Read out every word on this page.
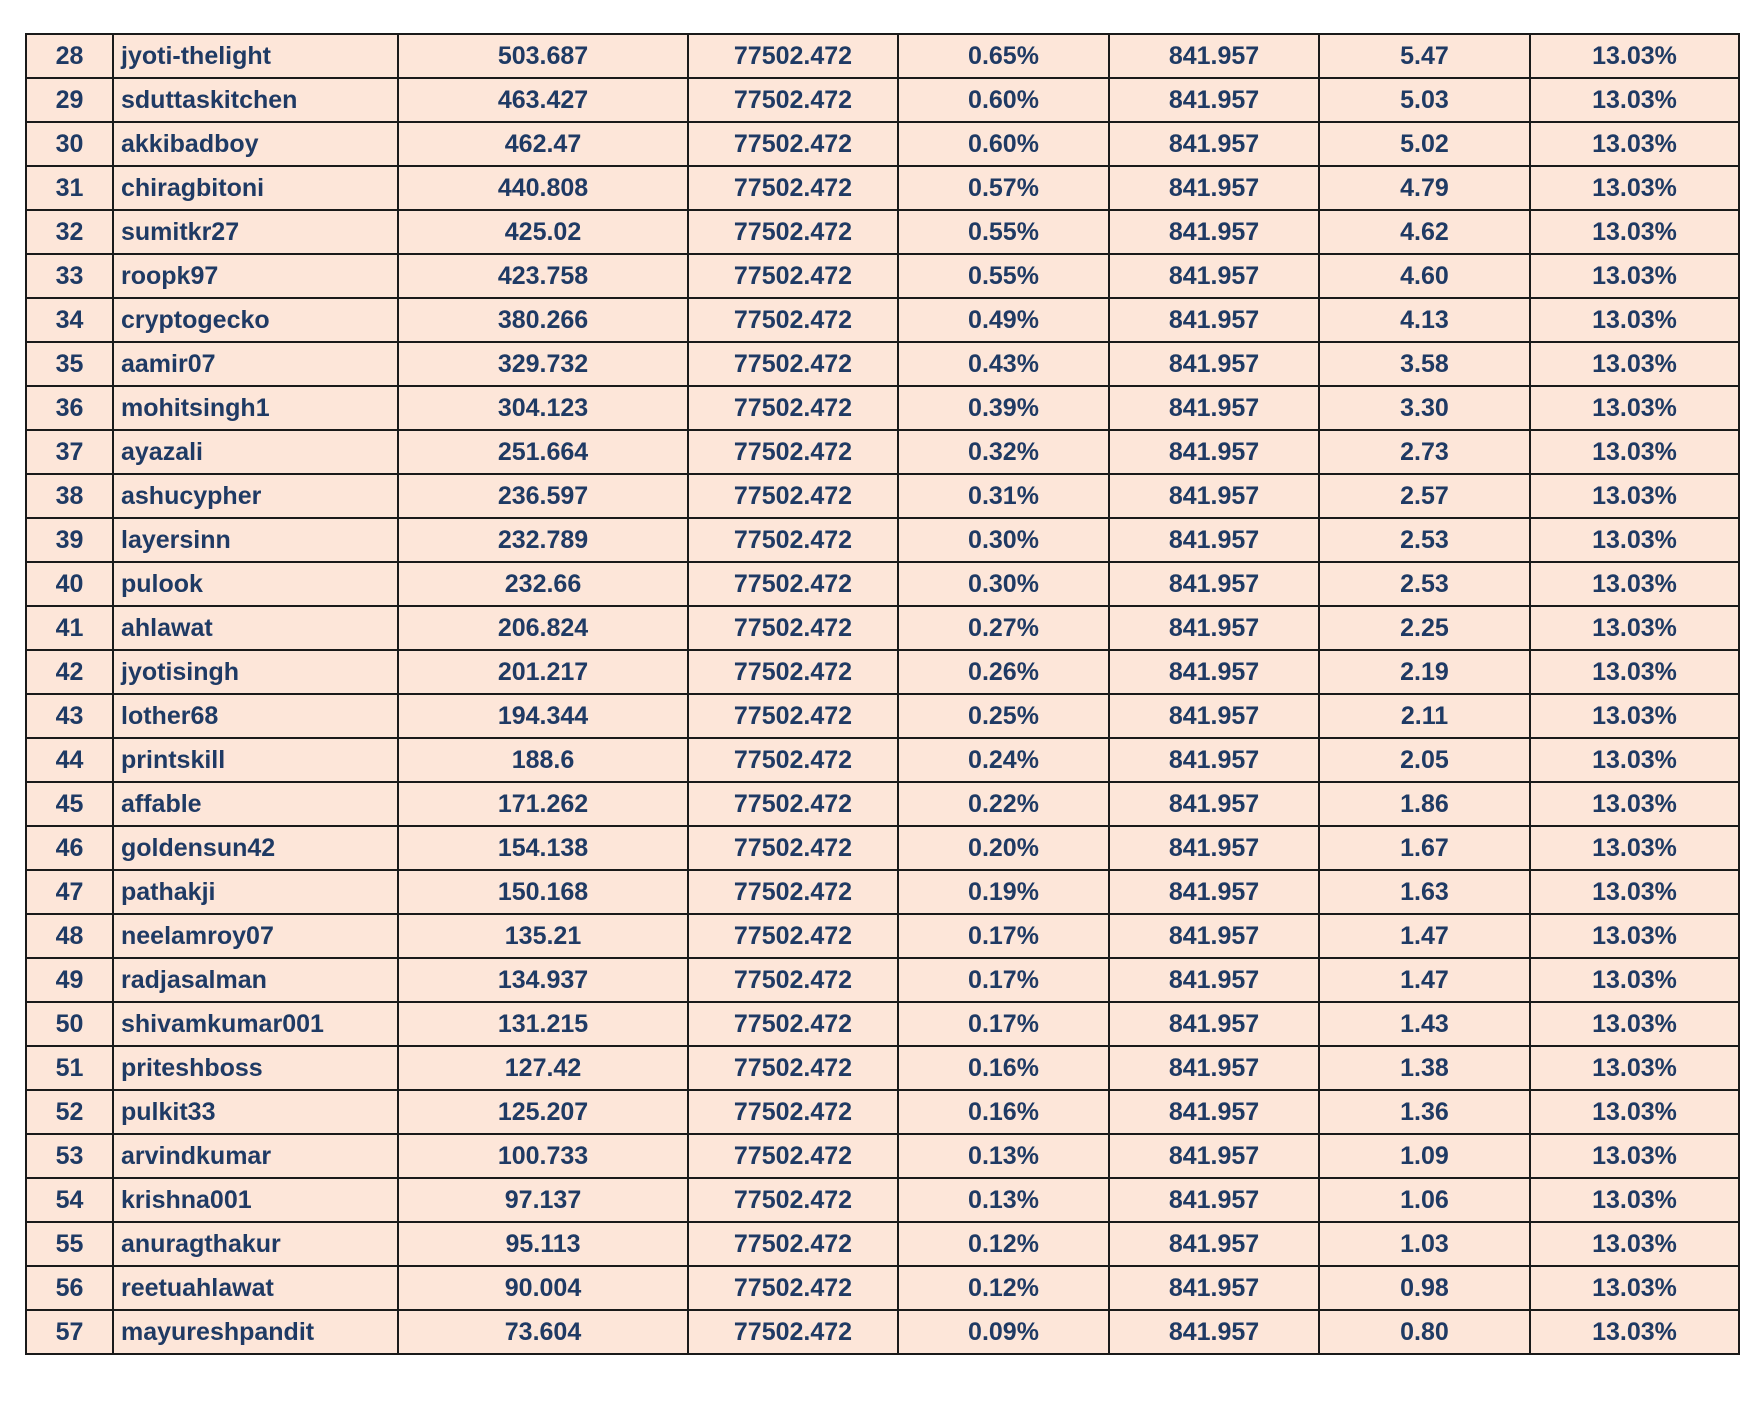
28	jyoti-thelight	503.687	77502.472	0.65%	841.957	5.47	13.03%
29	sduttaskitchen	463.427	77502.472	0.60%	841.957	5.03	13.03%
30	akkibadboy	462.47	77502.472	0.60%	841.957	5.02	13.03%
31	chiragbitoni	440.808	77502.472	0.57%	841.957	4.79	13.03%
32	sumitkr27	425.02	77502.472	0.55%	841.957	4.62	13.03%
33	roopk97	423.758	77502.472	0.55%	841.957	4.60	13.03%
34	cryptogecko	380.266	77502.472	0.49%	841.957	4.13	13.03%
35	aamir07	329.732	77502.472	0.43%	841.957	3.58	13.03%
36	mohitsingh1	304.123	77502.472	0.39%	841.957	3.30	13.03%
37	ayazali	251.664	77502.472	0.32%	841.957	2.73	13.03%
38	ashucypher	236.597	77502.472	0.31%	841.957	2.57	13.03%
39	layersinn	232.789	77502.472	0.30%	841.957	2.53	13.03%
40	pulook	232.66	77502.472	0.30%	841.957	2.53	13.03%
41	ahlawat	206.824	77502.472	0.27%	841.957	2.25	13.03%
42	jyotisingh	201.217	77502.472	0.26%	841.957	2.19	13.03%
43	lother68	194.344	77502.472	0.25%	841.957	2.11	13.03%
44	printskill	188.6	77502.472	0.24%	841.957	2.05	13.03%
45	affable	171.262	77502.472	0.22%	841.957	1.86	13.03%
46	goldensun42	154.138	77502.472	0.20%	841.957	1.67	13.03%
47	pathakji	150.168	77502.472	0.19%	841.957	1.63	13.03%
48	neelamroy07	135.21	77502.472	0.17%	841.957	1.47	13.03%
49	radjasalman	134.937	77502.472	0.17%	841.957	1.47	13.03%
50	shivamkumar001	131.215	77502.472	0.17%	841.957	1.43	13.03%
51	priteshboss	127.42	77502.472	0.16%	841.957	1.38	13.03%
52	pulkit33	125.207	77502.472	0.16%	841.957	1.36	13.03%
53	arvindkumar	100.733	77502.472	0.13%	841.957	1.09	13.03%
54	krishna001	97.137	77502.472	0.13%	841.957	1.06	13.03%
55	anuragthakur	95.113	77502.472	0.12%	841.957	1.03	13.03%
56	reetuahlawat	90.004	77502.472	0.12%	841.957	0.98	13.03%
57	mayureshpandit	73.604	77502.472	0.09%	841.957	0.80	13.03%
